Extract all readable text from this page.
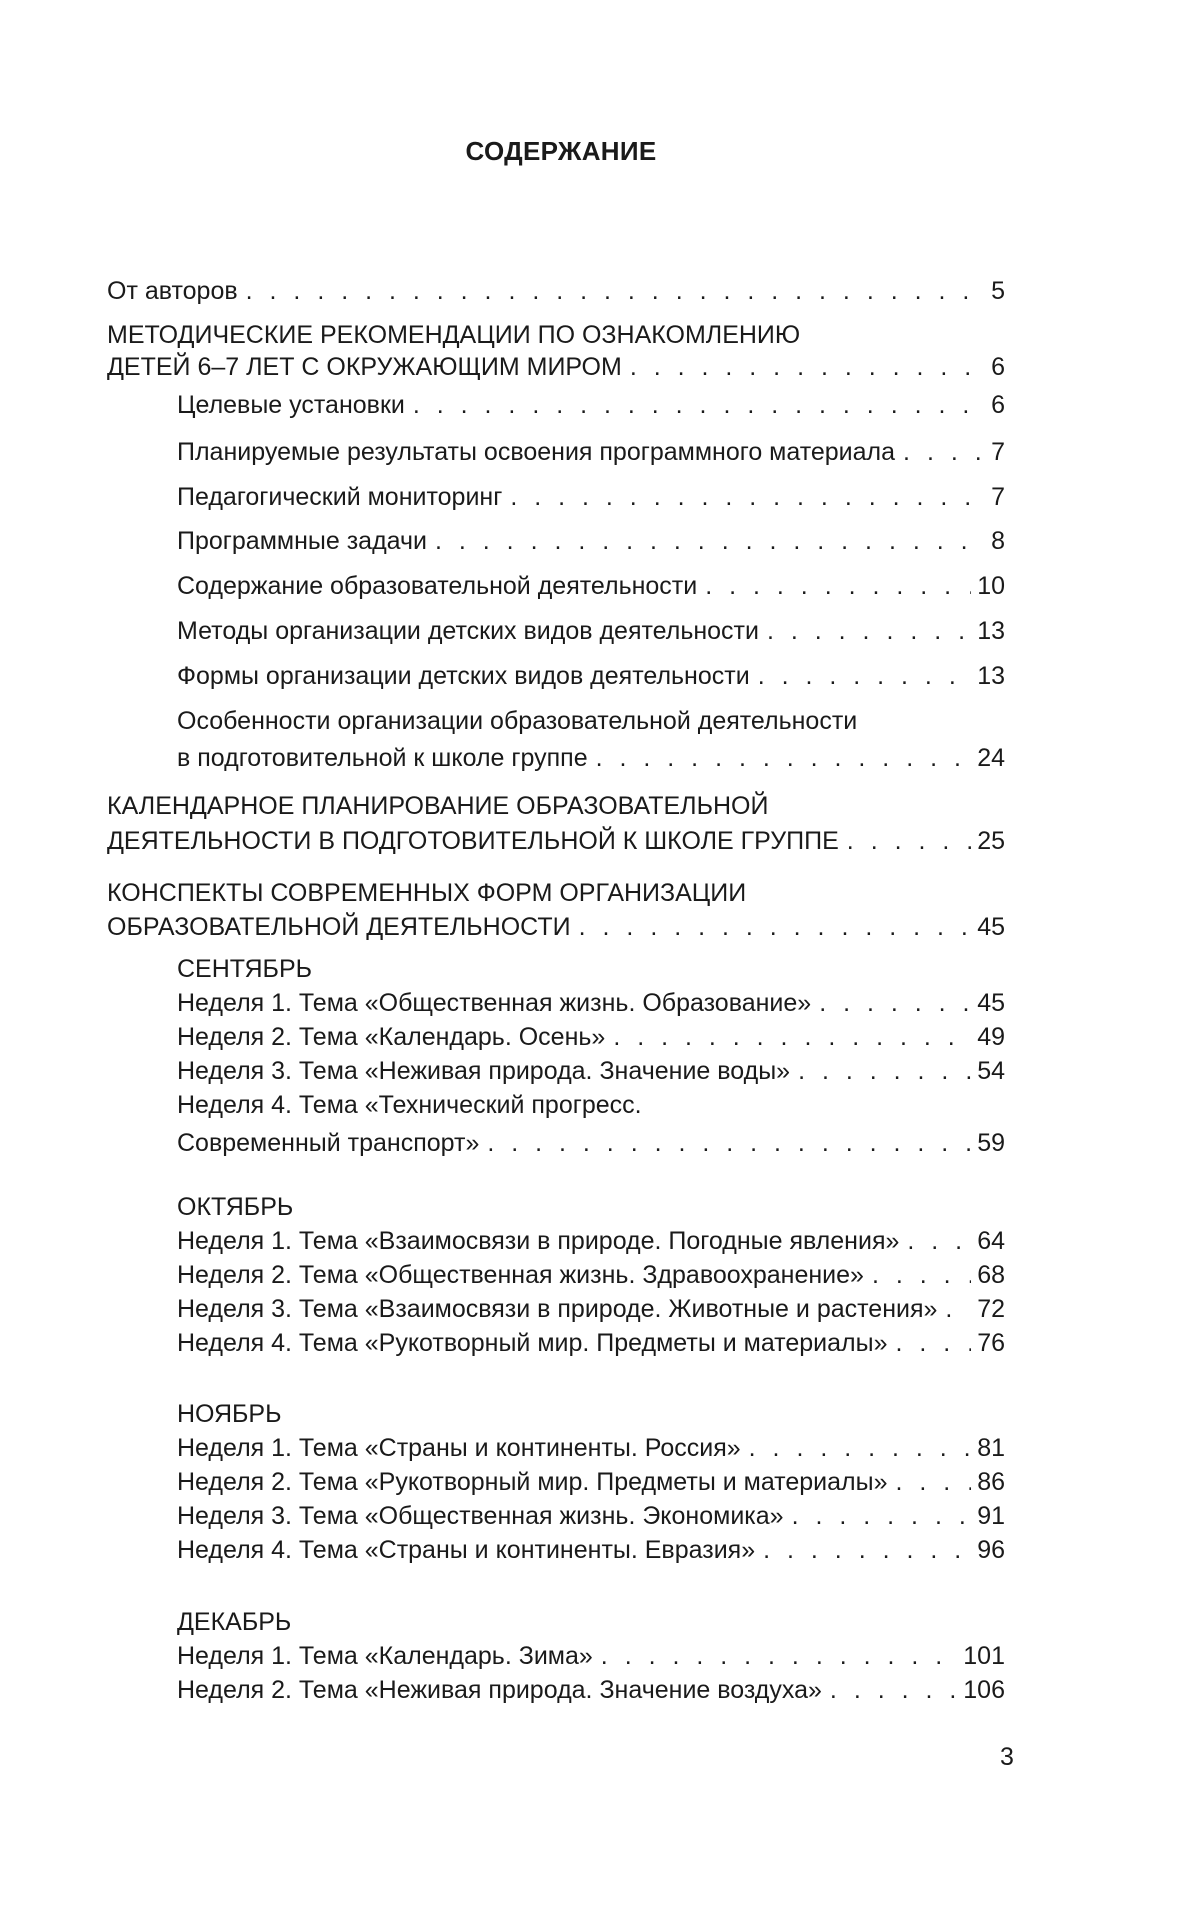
СОДЕРЖАНИЕ
От авторов . . .	5
МЕТОДИЧЕСКИЕ РЕКОМЕНДАЦИИ ПО ОЗНАКОМЛЕНИЮ
ДЕТЕЙ 6–7 ЛЕТ С ОКРУЖАЮЩИМ МИРОМ . . .	6
Целевые установки . . .	6
Планируемые результаты освоения программного материала . . .	7
Педагогический мониторинг . . .	7
Программные задачи . . .	8
Содержание образовательной деятельности . . .	10
Методы организации детских видов деятельности . . .	13
Формы организации детских видов деятельности . . .	13
Особенности организации образовательной деятельности
в подготовительной к школе группе . . .	24
КАЛЕНДАРНОЕ ПЛАНИРОВАНИЕ ОБРАЗОВАТЕЛЬНОЙ
ДЕЯТЕЛЬНОСТИ В ПОДГОТОВИТЕЛЬНОЙ К ШКОЛЕ ГРУППЕ . . .	25
КОНСПЕКТЫ СОВРЕМЕННЫХ ФОРМ ОРГАНИЗАЦИИ
ОБРАЗОВАТЕЛЬНОЙ ДЕЯТЕЛЬНОСТИ . . .	45
СЕНТЯБРЬ
Неделя 1. Тема «Общественная жизнь. Образование» . . .	45
Неделя 2. Тема «Календарь. Осень» . . .	49
Неделя 3. Тема «Неживая природа. Значение воды» . . .	54
Неделя 4. Тема «Технический прогресс.
Современный транспорт» . . .	59
ОКТЯБРЬ
Неделя 1. Тема «Взаимосвязи в природе. Погодные явления» . . .	64
Неделя 2. Тема «Общественная жизнь. Здравоохранение» . . .	68
Неделя 3. Тема «Взаимосвязи в природе. Животные и растения» . . . 72
Неделя 4. Тема «Рукотворный мир. Предметы и материалы» . . .	76
НОЯБРЬ
Неделя 1. Тема «Страны и континенты. Россия» . . .	81
Неделя 2. Тема «Рукотворный мир. Предметы и материалы» . . .	86
Неделя 3. Тема «Общественная жизнь. Экономика» . . .	91
Неделя 4. Тема «Страны и континенты. Евразия» . . .	96
ДЕКАБРЬ
Неделя 1. Тема «Календарь. Зима» . . .	101
Неделя 2. Тема «Неживая природа. Значение воздуха» . . .	106
3
